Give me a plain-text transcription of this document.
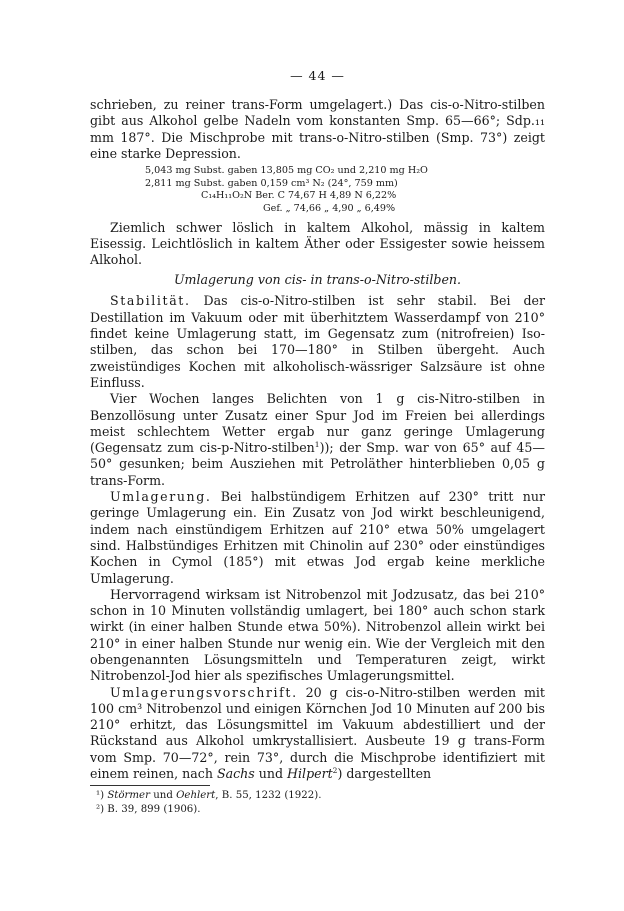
— 44 —

schrieben, zu reiner trans-Form umgelagert.) Das cis-o-Nitro-stilben gibt aus Alkohol gelbe Nadeln vom konstanten Smp. 65—66°; Sdp.₁₁ mm 187°. Die Mischprobe mit trans-o-Nitro-stilben (Smp. 73°) zeigt eine starke Depression.

5,043 mg Subst. gaben 13,805 mg CO₂ und 2,210 mg H₂O
2,811 mg Subst. gaben 0,159 cm³ N₂ (24°, 759 mm)
C₁₄H₁₁O₂N Ber. C 74,67 H 4,89 N 6,22%
Gef. „ 74,66 „ 4,90 „ 6,49%

Ziemlich schwer löslich in kaltem Alkohol, mässig in kaltem Eisessig. Leichtlöslich in kaltem Äther oder Essigester sowie heissem Alkohol.

Umlagerung von cis- in trans-o-Nitro-stilben.

Stabilität. Das cis-o-Nitro-stilben ist sehr stabil. Bei der Destillation im Vakuum oder mit überhitztem Wasserdampf von 210° findet keine Umlagerung statt, im Gegensatz zum (nitrofreien) Iso-stilben, das schon bei 170—180° in Stilben übergeht. Auch zweistündiges Kochen mit alkoholisch-wässriger Salzsäure ist ohne Einfluss.

Vier Wochen langes Belichten von 1 g cis-Nitro-stilben in Benzollösung unter Zusatz einer Spur Jod im Freien bei allerdings meist schlechtem Wetter ergab nur ganz geringe Umlagerung (Gegensatz zum cis-p-Nitro-stilben$^1$)); der Smp. war von 65° auf 45—50° gesunken; beim Ausziehen mit Petroläther hinterblieben 0,05 g trans-Form.

Umlagerung. Bei halbstündigem Erhitzen auf 230° tritt nur geringe Umlagerung ein. Ein Zusatz von Jod wirkt beschleunigend, indem nach einstündigem Erhitzen auf 210° etwa 50% umgelagert sind. Halbstündiges Erhitzen mit Chinolin auf 230° oder einstündiges Kochen in Cymol (185°) mit etwas Jod ergab keine merkliche Umlagerung.

Hervorragend wirksam ist Nitrobenzol mit Jodzusatz, das bei 210° schon in 10 Minuten vollständig umlagert, bei 180° auch schon stark wirkt (in einer halben Stunde etwa 50%). Nitrobenzol allein wirkt bei 210° in einer halben Stunde nur wenig ein. Wie der Vergleich mit den obengenannten Lösungsmitteln und Temperaturen zeigt, wirkt Nitrobenzol-Jod hier als spezifisches Umlagerungsmittel.

Umlagerungsvorschrift. 20 g cis-o-Nitro-stilben werden mit 100 cm³ Nitrobenzol und einigen Körnchen Jod 10 Minuten auf 200 bis 210° erhitzt, das Lösungsmittel im Vakuum abdestilliert und der Rückstand aus Alkohol umkrystallisiert. Ausbeute 19 g trans-Form vom Smp. 70—72°, rein 73°, durch die Mischprobe identifiziert mit einem reinen, nach Sachs und Hilpert$^2$) dargestellten

¹) Störmer und Oehlert, B. 55, 1232 (1922).

²) B. 39, 899 (1906).
